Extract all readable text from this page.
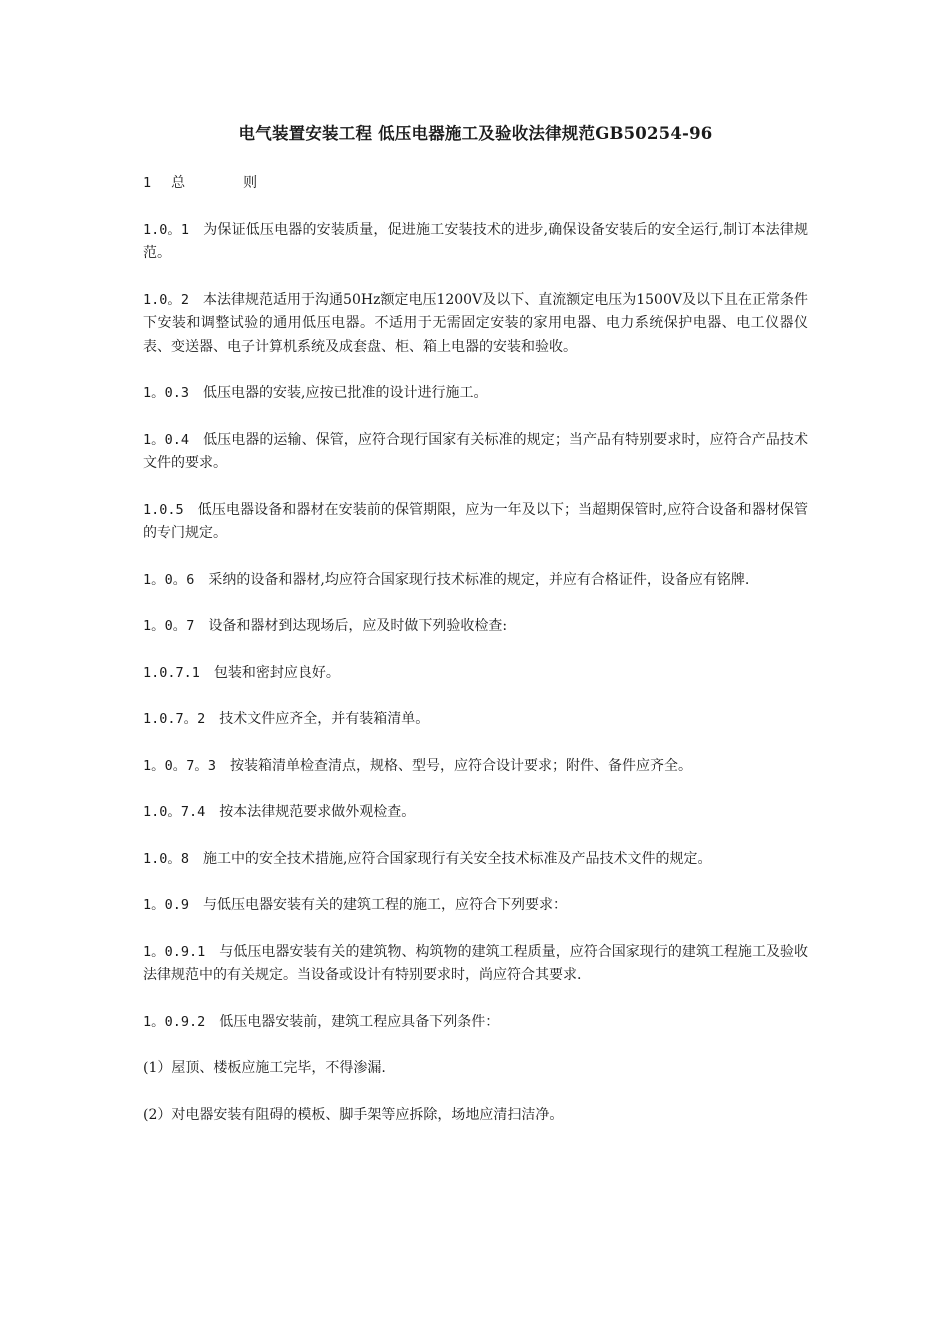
电气装置安装工程 低压电器施工及验收法律规范GB50254-96
1 总	则

1.0。1 为保证低压电器的安装质量，促进施工安装技术的进步,确保设备安装后的安全运行,制订本法律规范。

1.0。2 本法律规范适用于沟通50Hz额定电压1200V及以下、直流额定电压为1500V及以下且在正常条件下安装和调整试验的通用低压电器。不适用于无需固定安装的家用电器、电力系统保护电器、电工仪器仪表、变送器、电子计算机系统及成套盘、柜、箱上电器的安装和验收。

1。0.3 低压电器的安装,应按已批准的设计进行施工。

1。0.4 低压电器的运输、保管，应符合现行国家有关标准的规定；当产品有特别要求时，应符合产品技术文件的要求。

1.0.5 低压电器设备和器材在安装前的保管期限，应为一年及以下；当超期保管时,应符合设备和器材保管的专门规定。

1。0。6 采纳的设备和器材,均应符合国家现行技术标准的规定，并应有合格证件，设备应有铭牌.

1。0。7 设备和器材到达现场后，应及时做下列验收检查:

1.0.7.1 包装和密封应良好。

1.0.7。2 技术文件应齐全，并有装箱清单。

1。0。7。3 按装箱清单检查清点，规格、型号，应符合设计要求；附件、备件应齐全。

1.0。7.4 按本法律规范要求做外观检查。

1.0。8 施工中的安全技术措施,应符合国家现行有关安全技术标准及产品技术文件的规定。

1。0.9 与低压电器安装有关的建筑工程的施工，应符合下列要求：

1。0.9.1 与低压电器安装有关的建筑物、构筑物的建筑工程质量，应符合国家现行的建筑工程施工及验收法律规范中的有关规定。当设备或设计有特别要求时，尚应符合其要求.

1。0.9.2 低压电器安装前，建筑工程应具备下列条件：

(1）屋顶、楼板应施工完毕，不得渗漏.

(2）对电器安装有阻碍的模板、脚手架等应拆除，场地应清扫洁净。
